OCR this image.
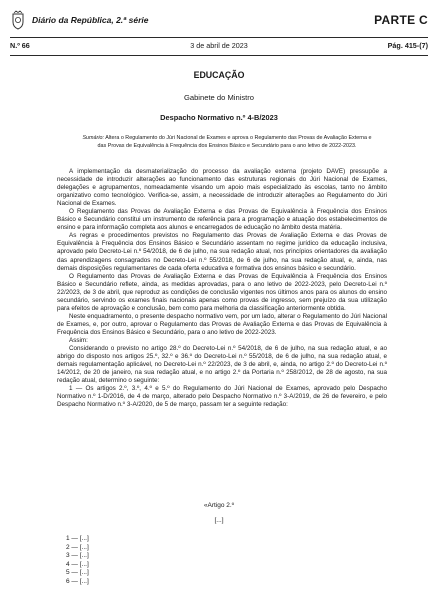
Diário da República, 2.ª série	PARTE C
N.º 66	3 de abril de 2023	Pág. 415-(7)
EDUCAÇÃO
Gabinete do Ministro
Despacho Normativo n.º 4-B/2023
Sumário: Altera o Regulamento do Júri Nacional de Exames e aprova o Regulamento das Provas de Avaliação Externa e das Provas de Equivalência à Frequência dos Ensinos Básico e Secundário para o ano letivo de 2022-2023.

A implementação da desmaterialização do processo da avaliação externa (projeto DAVE) pressupõe a necessidade de introduzir alterações ao funcionamento das estruturas regionais do Júri Nacional de Exames, delegações e agrupamentos, nomeadamente visando um apoio mais especializado às escolas, tanto no âmbito organizativo como tecnológico. Verifica-se, assim, a necessidade de introduzir alterações ao Regulamento do Júri Nacional de Exames.

O Regulamento das Provas de Avaliação Externa e das Provas de Equivalência à Frequência dos Ensinos Básico e Secundário constitui um instrumento de referência para a programação e atuação dos estabelecimentos de ensino e para informação completa aos alunos e encarregados de educação no âmbito desta matéria.

As regras e procedimentos previstos no Regulamento das Provas de Avaliação Externa e das Provas de Equivalência à Frequência dos Ensinos Básico e Secundário assentam no regime jurídico da educação inclusiva, aprovado pelo Decreto-Lei n.º 54/2018, de 6 de julho, na sua redação atual, nos princípios orientadores da avaliação das aprendizagens consagrados no Decreto-Lei n.º 55/2018, de 6 de julho, na sua redação atual, e, ainda, nas demais disposições regulamentares de cada oferta educativa e formativa dos ensinos básico e secundário.

O Regulamento das Provas de Avaliação Externa e das Provas de Equivalência à Frequência dos Ensinos Básico e Secundário reflete, ainda, as medidas aprovadas, para o ano letivo de 2022-2023, pelo Decreto-Lei n.º 22/2023, de 3 de abril, que reproduz as condições de conclusão vigentes nos últimos anos para os alunos do ensino secundário, servindo os exames finais nacionais apenas como provas de ingresso, sem prejuízo da sua utilização para efeitos de aprovação e conclusão, bem como para melhoria da classificação anteriormente obtida.

Neste enquadramento, o presente despacho normativo vem, por um lado, alterar o Regulamento do Júri Nacional de Exames, e, por outro, aprovar o Regulamento das Provas de Avaliação Externa e das Provas de Equivalência à Frequência dos Ensinos Básico e Secundário, para o ano letivo de 2022-2023.

Assim:

Considerando o previsto no artigo 28.º do Decreto-Lei n.º 54/2018, de 6 de julho, na sua redação atual, e ao abrigo do disposto nos artigos 25.º, 32.º e 36.º do Decreto-Lei n.º 55/2018, de 6 de julho, na sua redação atual, e demais regulamentação aplicável, no Decreto-Lei n.º 22/2023, de 3 de abril, e, ainda, no artigo 2.º do Decreto-Lei n.º 14/2012, de 20 de janeiro, na sua redação atual, e no artigo 2.º da Portaria n.º 258/2012, de 28 de agosto, na sua redação atual, determino o seguinte:

1 — Os artigos 2.º, 3.º, 4.º e 5.º do Regulamento do Júri Nacional de Exames, aprovado pelo Despacho Normativo n.º 1-D/2016, de 4 de março, alterado pelo Despacho Normativo n.º 3-A/2019, de 26 de fevereiro, e pelo Despacho Normativo n.º 3-A/2020, de 5 de março, passam ter a seguinte redação:

«Artigo 2.º
[...]
1 — [...]
2 — [...]
3 — [...]
4 — [...]
5 — [...]
6 — [...]
